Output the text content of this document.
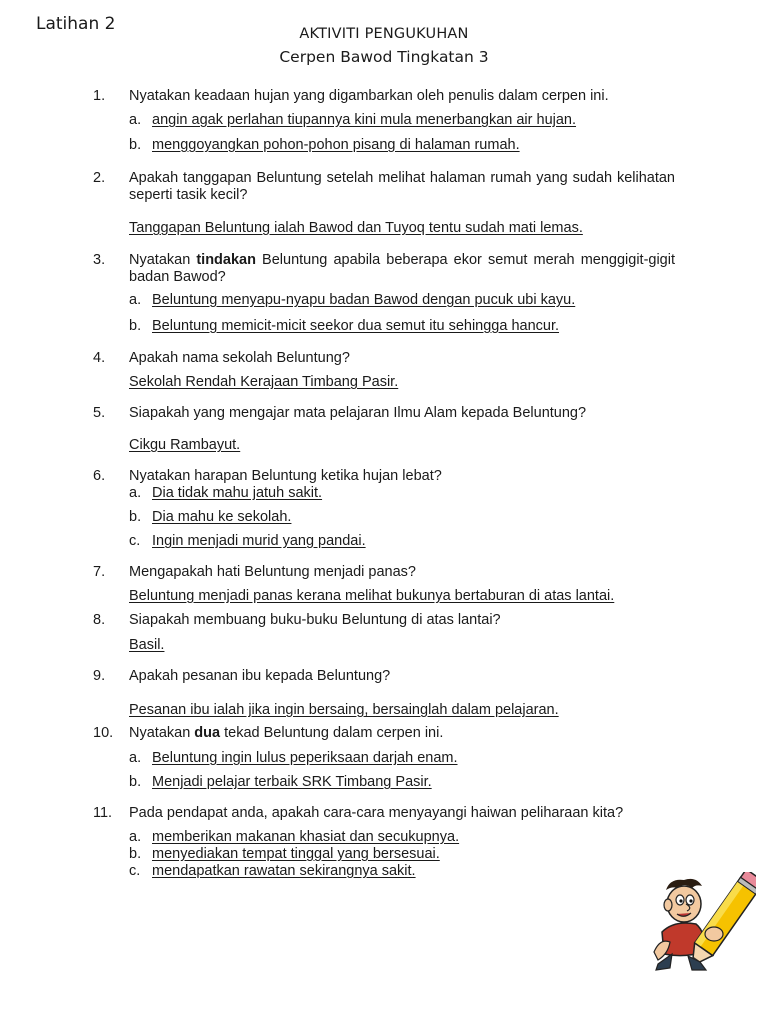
Latihan 2	AKTIVITI PENGUKUHAN
Cerpen Bawod Tingkatan 3
1. Nyatakan keadaan hujan yang digambarkan oleh penulis dalam cerpen ini.
a. angin agak perlahan tiupannya kini mula menerbangkan air hujan.
b. menggoyangkan pohon-pohon pisang di halaman rumah.
2. Apakah tanggapan Beluntung setelah melihat halaman rumah yang sudah kelihatan seperti tasik kecil?
Tanggapan Beluntung ialah Bawod dan Tuyoq tentu sudah mati lemas.
3. Nyatakan tindakan Beluntung apabila beberapa ekor semut merah menggigit-gigit badan Bawod?
a. Beluntung menyapu-nyapu badan Bawod dengan pucuk ubi kayu.
b. Beluntung memicit-micit seekor dua semut itu sehingga hancur.
4. Apakah nama sekolah Beluntung?
Sekolah Rendah Kerajaan Timbang Pasir.
5. Siapakah yang mengajar mata pelajaran Ilmu Alam kepada Beluntung?
Cikgu Rambayut.
6. Nyatakan harapan Beluntung ketika hujan lebat?
a. Dia tidak mahu jatuh sakit.
b. Dia mahu ke sekolah.
c. Ingin menjadi murid yang pandai.
7. Mengapakah hati Beluntung menjadi panas?
Beluntung menjadi panas kerana melihat bukunya bertaburan di atas lantai.
8. Siapakah membuang buku-buku Beluntung di atas lantai?
Basil.
9. Apakah pesanan ibu kepada Beluntung?
Pesanan ibu ialah jika ingin bersaing, bersainglah dalam pelajaran.
10. Nyatakan dua tekad Beluntung dalam cerpen ini.
a. Beluntung ingin lulus peperiksaan darjah enam.
b. Menjadi pelajar terbaik SRK Timbang Pasir.
11. Pada pendapat anda, apakah cara-cara menyayangi haiwan peliharaan kita?
a. memberikan makanan khasiat dan secukupnya.
b. menyediakan tempat tinggal yang bersesuai.
c. mendapatkan rawatan sekirangnya sakit.
